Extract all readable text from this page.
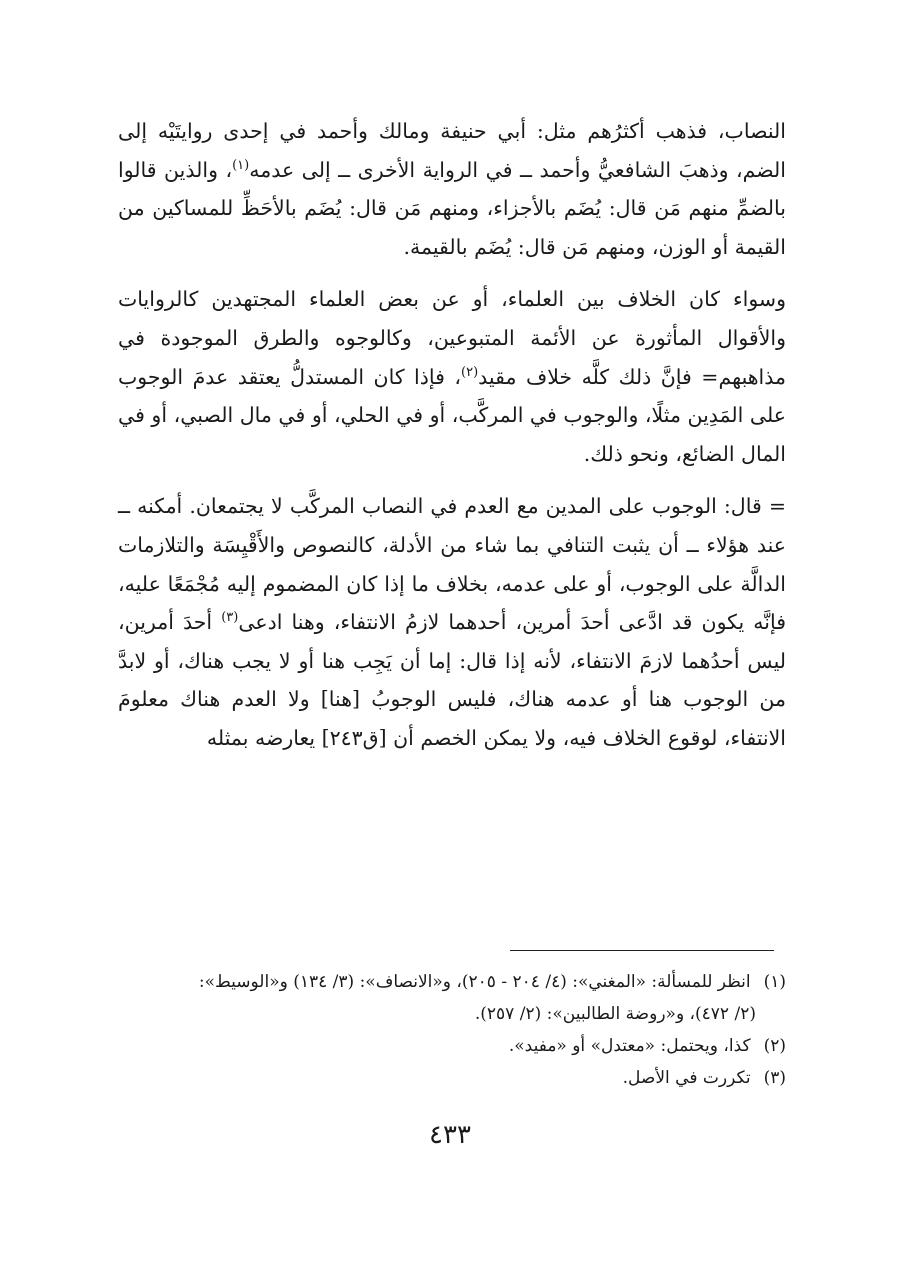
النصاب، فذهب أكثرُهم مثل: أبي حنيفة ومالك وأحمد في إحدى روايتَيْه إلى الضم، وذهبَ الشافعيُّ وأحمد ــ في الرواية الأخرى ــ إلى عدمه$^{(١)}$، والذين قالوا بالضمِّ منهم مَن قال: يُضَم بالأجزاء، ومنهم مَن قال: يُضَم بالأحَظِّ للمساكين من القيمة أو الوزن، ومنهم مَن قال: يُضَم بالقيمة.

وسواء كان الخلاف بين العلماء، أو عن بعض العلماء المجتهدين كالروايات والأقوال المأثورة عن الأئمة المتبوعين، وكالوجوه والطرق الموجودة في مذاهبهم= فإنَّ ذلك كلَّه خلاف مقيد$^{(٢)}$، فإذا كان المستدلُّ يعتقد عدمَ الوجوب على المَدِين مثلًا، والوجوب في المركَّب، أو في الحلي، أو في مال الصبي، أو في المال الضائع، ونحو ذلك.

= قال: الوجوب على المدين مع العدم في النصاب المركَّب لا يجتمعان. أمكنه ــ عند هؤلاء ــ أن يثبت التنافي بما شاء من الأدلة، كالنصوص والأَقْيِسَة والتلازمات الدالَّة على الوجوب، أو على عدمه، بخلاف ما إذا كان المضموم إليه مُجْمَعًا عليه، فإنَّه يكون قد ادَّعى أحدَ أمرين، أحدهما لازمُ الانتفاء، وهنا ادعى$^{(٣)}$ أحدَ أمرين، ليس أحدُهما لازمَ الانتفاء، لأنه إذا قال: إما أن يَجِب هنا أو لا يجب هناك، أو لابدَّ من الوجوب هنا أو عدمه هناك، فليس الوجوبُ [هنا] ولا العدم هناك معلومَ الانتفاء، لوقوع الخلاف فيه، ولا يمكن الخصم أن [ق٢٤٣] يعارضه بمثله

(١) انظر للمسألة: «المغني»: (٤/ ٢٠٤ - ٢٠٥)، و«الانصاف»: (٣/ ١٣٤) و«الوسيط»:

(٢/ ٤٧٢)، و«روضة الطالبين»: (٢/ ٢٥٧).

(٢) كذا، ويحتمل: «معتدل» أو «مفيد».

(٣) تكررت في الأصل.

٤٣٣
